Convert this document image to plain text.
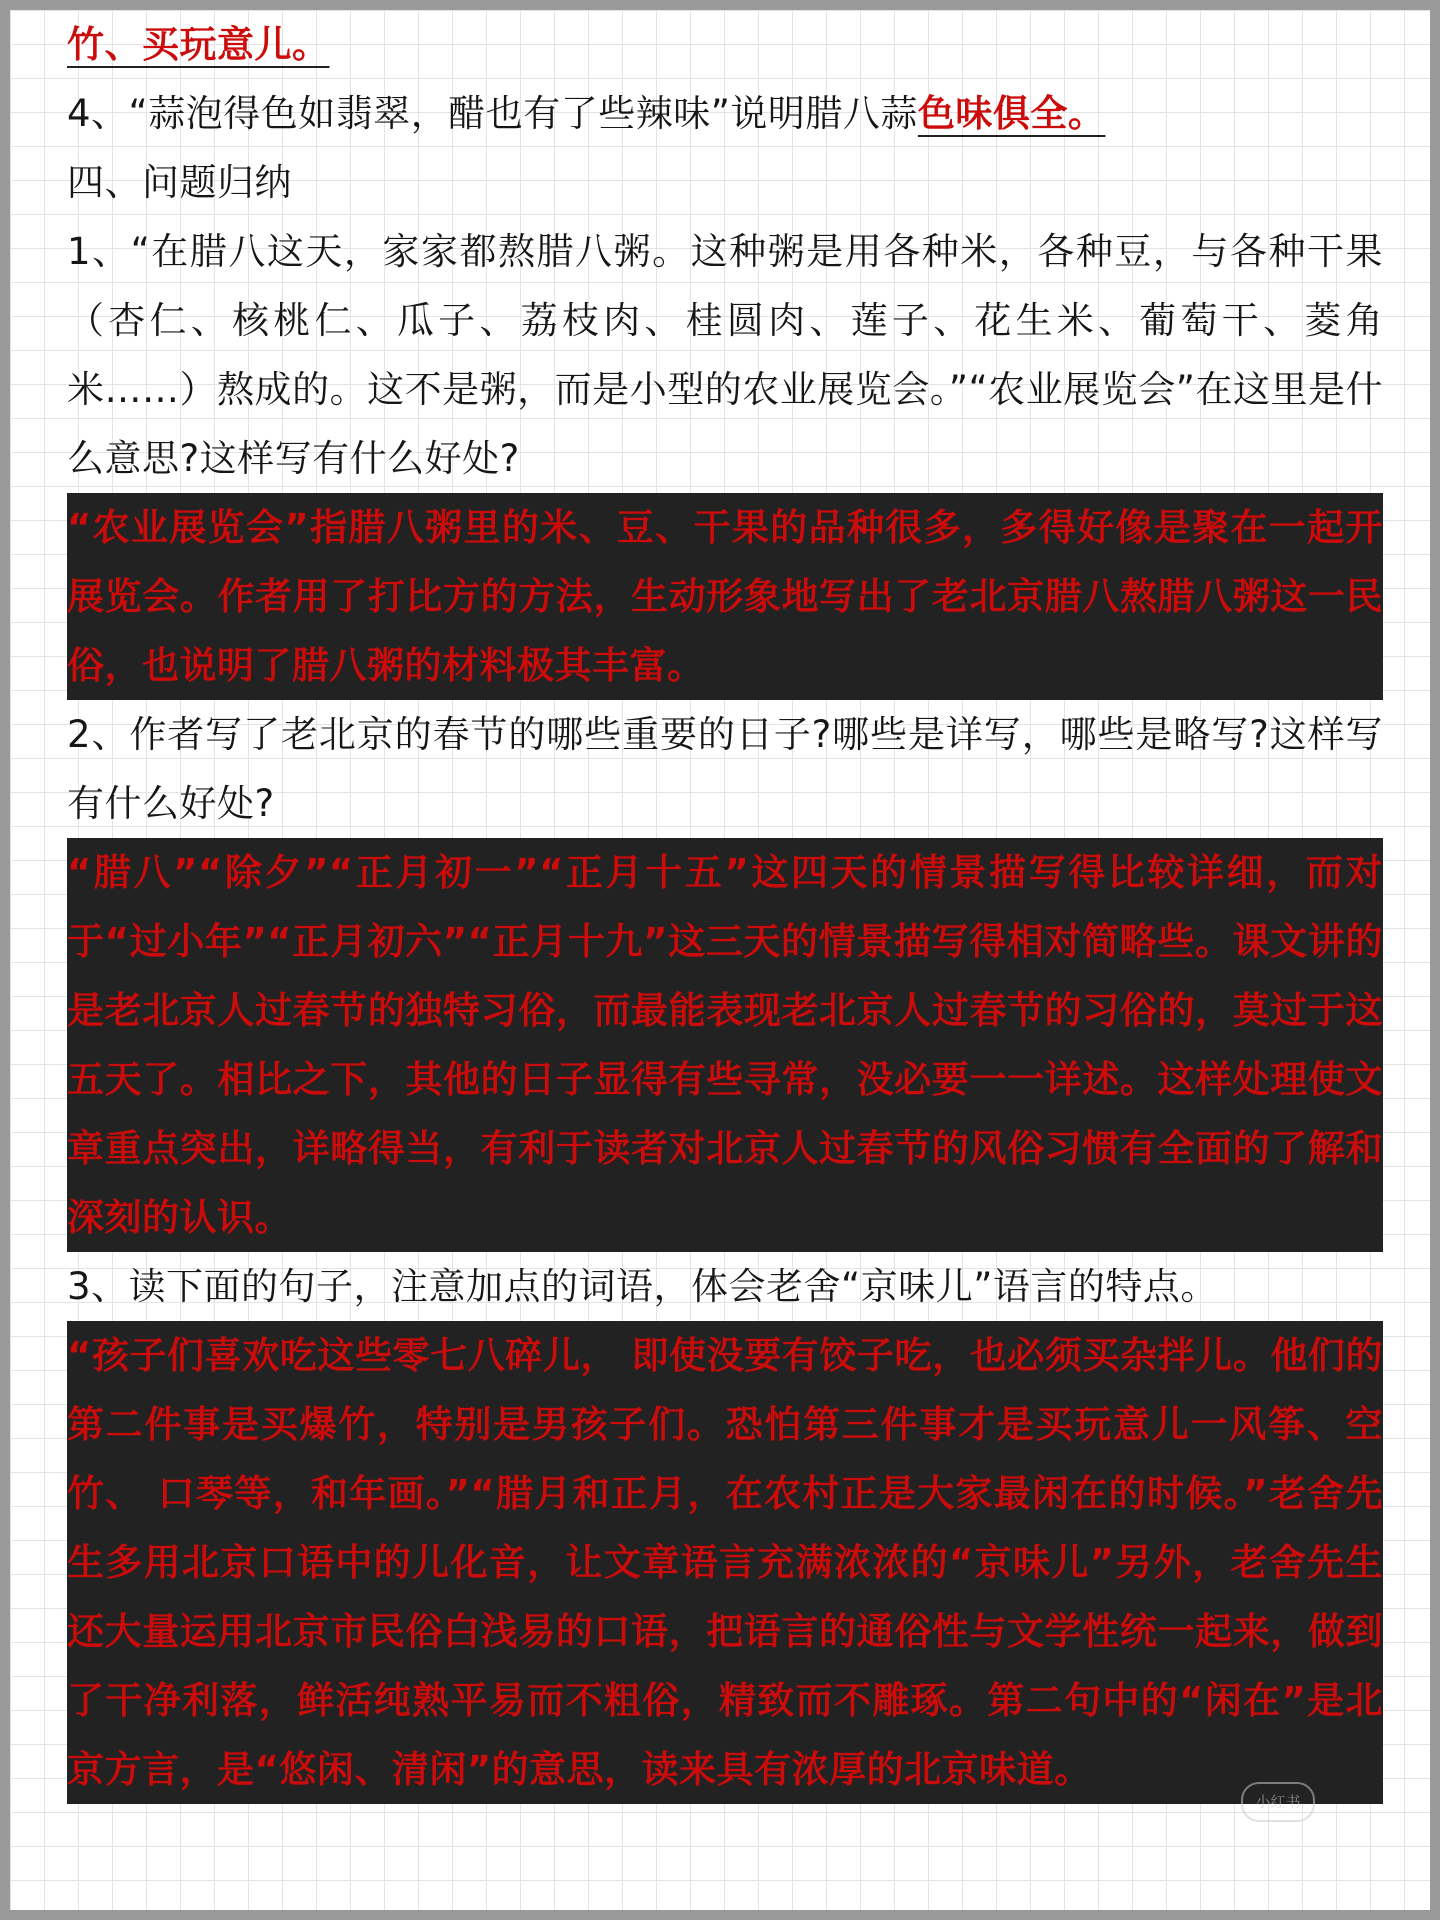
竹、买玩意儿。

4、“蒜泡得色如翡翠，醋也有了些辣味”说明腊八蒜色味俱全。

四、问题归纳

1、“在腊八这天，家家都熬腊八粥。这种粥是用各种米，各种豆，与各种干果（杏仁、核桃仁、瓜子、荔枝肉、桂圆肉、莲子、花生米、葡萄干、菱角米……）熬成的。这不是粥，而是小型的农业展览会。”“农业展览会”在这里是什么意思?这样写有什么好处?
“农业展览会”指腊八粥里的米、豆、干果的品种很多，多得好像是聚在一起开展览会。作者用了打比方的方法，生动形象地写出了老北京腊八熬腊八粥这一民俗，也说明了腊八粥的材料极其丰富。
2、作者写了老北京的春节的哪些重要的日子?哪些是详写，哪些是略写?这样写有什么好处?
“腊八”“除夕”“正月初一”“正月十五”这四天的情景描写得比较详细，而对于“过小年”“正月初六”“正月十九”这三天的情景描写得相对简略些。课文讲的是老北京人过春节的独特习俗，而最能表现老北京人过春节的习俗的，莫过于这五天了。相比之下，其他的日子显得有些寻常，没必要一一详述。这样处理使文章重点突出，详略得当，有利于读者对北京人过春节的风俗习惯有全面的了解和深刻的认识。
3、读下面的句子，注意加点的词语，体会老舍“京味儿”语言的特点。
“孩子们喜欢吃这些零七八碎儿， 即使没要有饺子吃，也必须买杂拌儿。他们的第二件事是买爆竹，特别是男孩子们。恐怕第三件事才是买玩意儿一风筝、空竹、 口琴等，和年画。”“腊月和正月，在农村正是大家最闲在的时候。”老舍先生多用北京口语中的儿化音，让文章语言充满浓浓的“京味儿”另外，老舍先生还大量运用北京市民俗白浅易的口语，把语言的通俗性与文学性统一起来，做到了干净利落，鲜活纯熟平易而不粗俗，精致而不雕琢。第二句中的“闲在”是北京方言，是“悠闲、清闲”的意思，读来具有浓厚的北京味道。
小红书
